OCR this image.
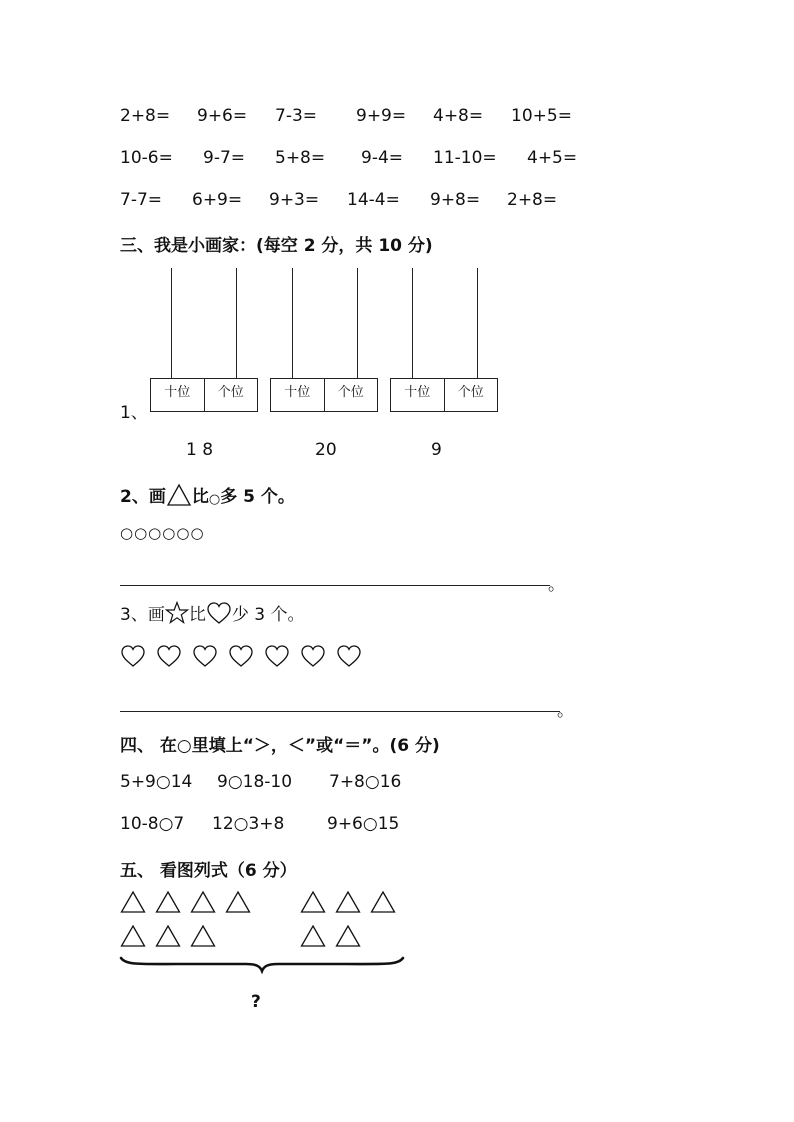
2+8= 9+6= 7-3= 9+9= 4+8= 10+5=
10-6= 9-7= 5+8= 9-4= 11-10= 4+5=
7-7= 6+9= 9+3= 14-4= 9+8= 2+8=
三、我是小画家：(每空 2 分，共 10 分)
1、
十位	个位
1 8
十位	个位
20
十位	个位
9
2、画 比 ○ 多 5 个。
○○○○○○
。
3、画 比 少 3 个。
。
四、 在○里填上“＞，＜”或“＝”。(6 分)
5+9○14 9○18-10 7+8○16
10-8○7 12○3+8	9+6○15
五、 看图列式（6 分）
?
